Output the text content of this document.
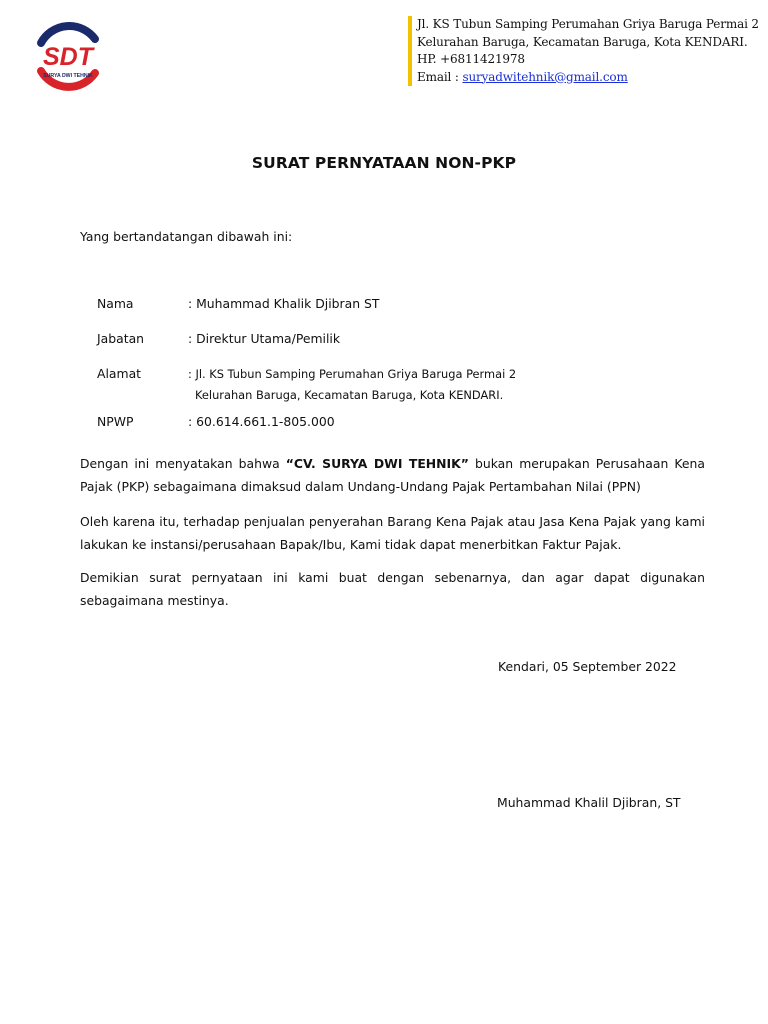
SDT
SURYA DWI TEHNIK
Jl. KS Tubun Samping Perumahan Griya Baruga Permai 2
Kelurahan Baruga, Kecamatan Baruga, Kota KENDARI.
HP. +6811421978
Email : suryadwitehnik@gmail.com
SURAT PERNYATAAN NON-PKP
Yang bertandatangan dibawah ini:
Nama	: Muhammad Khalik Djibran ST
Jabatan	: Direktur Utama/Pemilik
Alamat	: Jl. KS Tubun Samping Perumahan Griya Baruga Permai 2
Kelurahan Baruga, Kecamatan Baruga, Kota KENDARI.
NPWP	: 60.614.661.1-805.000
Dengan ini menyatakan bahwa “CV. SURYA DWI TEHNIK” bukan merupakan Perusahaan Kena Pajak (PKP) sebagaimana dimaksud dalam Undang-Undang Pajak Pertambahan Nilai (PPN)
Oleh karena itu, terhadap penjualan penyerahan Barang Kena Pajak atau Jasa Kena Pajak yang kami lakukan ke instansi/perusahaan Bapak/Ibu, Kami tidak dapat menerbitkan Faktur Pajak.
Demikian surat pernyataan ini kami buat dengan sebenarnya, dan agar dapat digunakan sebagaimana mestinya.
Kendari, 05 September 2022
Muhammad Khalil Djibran, ST
